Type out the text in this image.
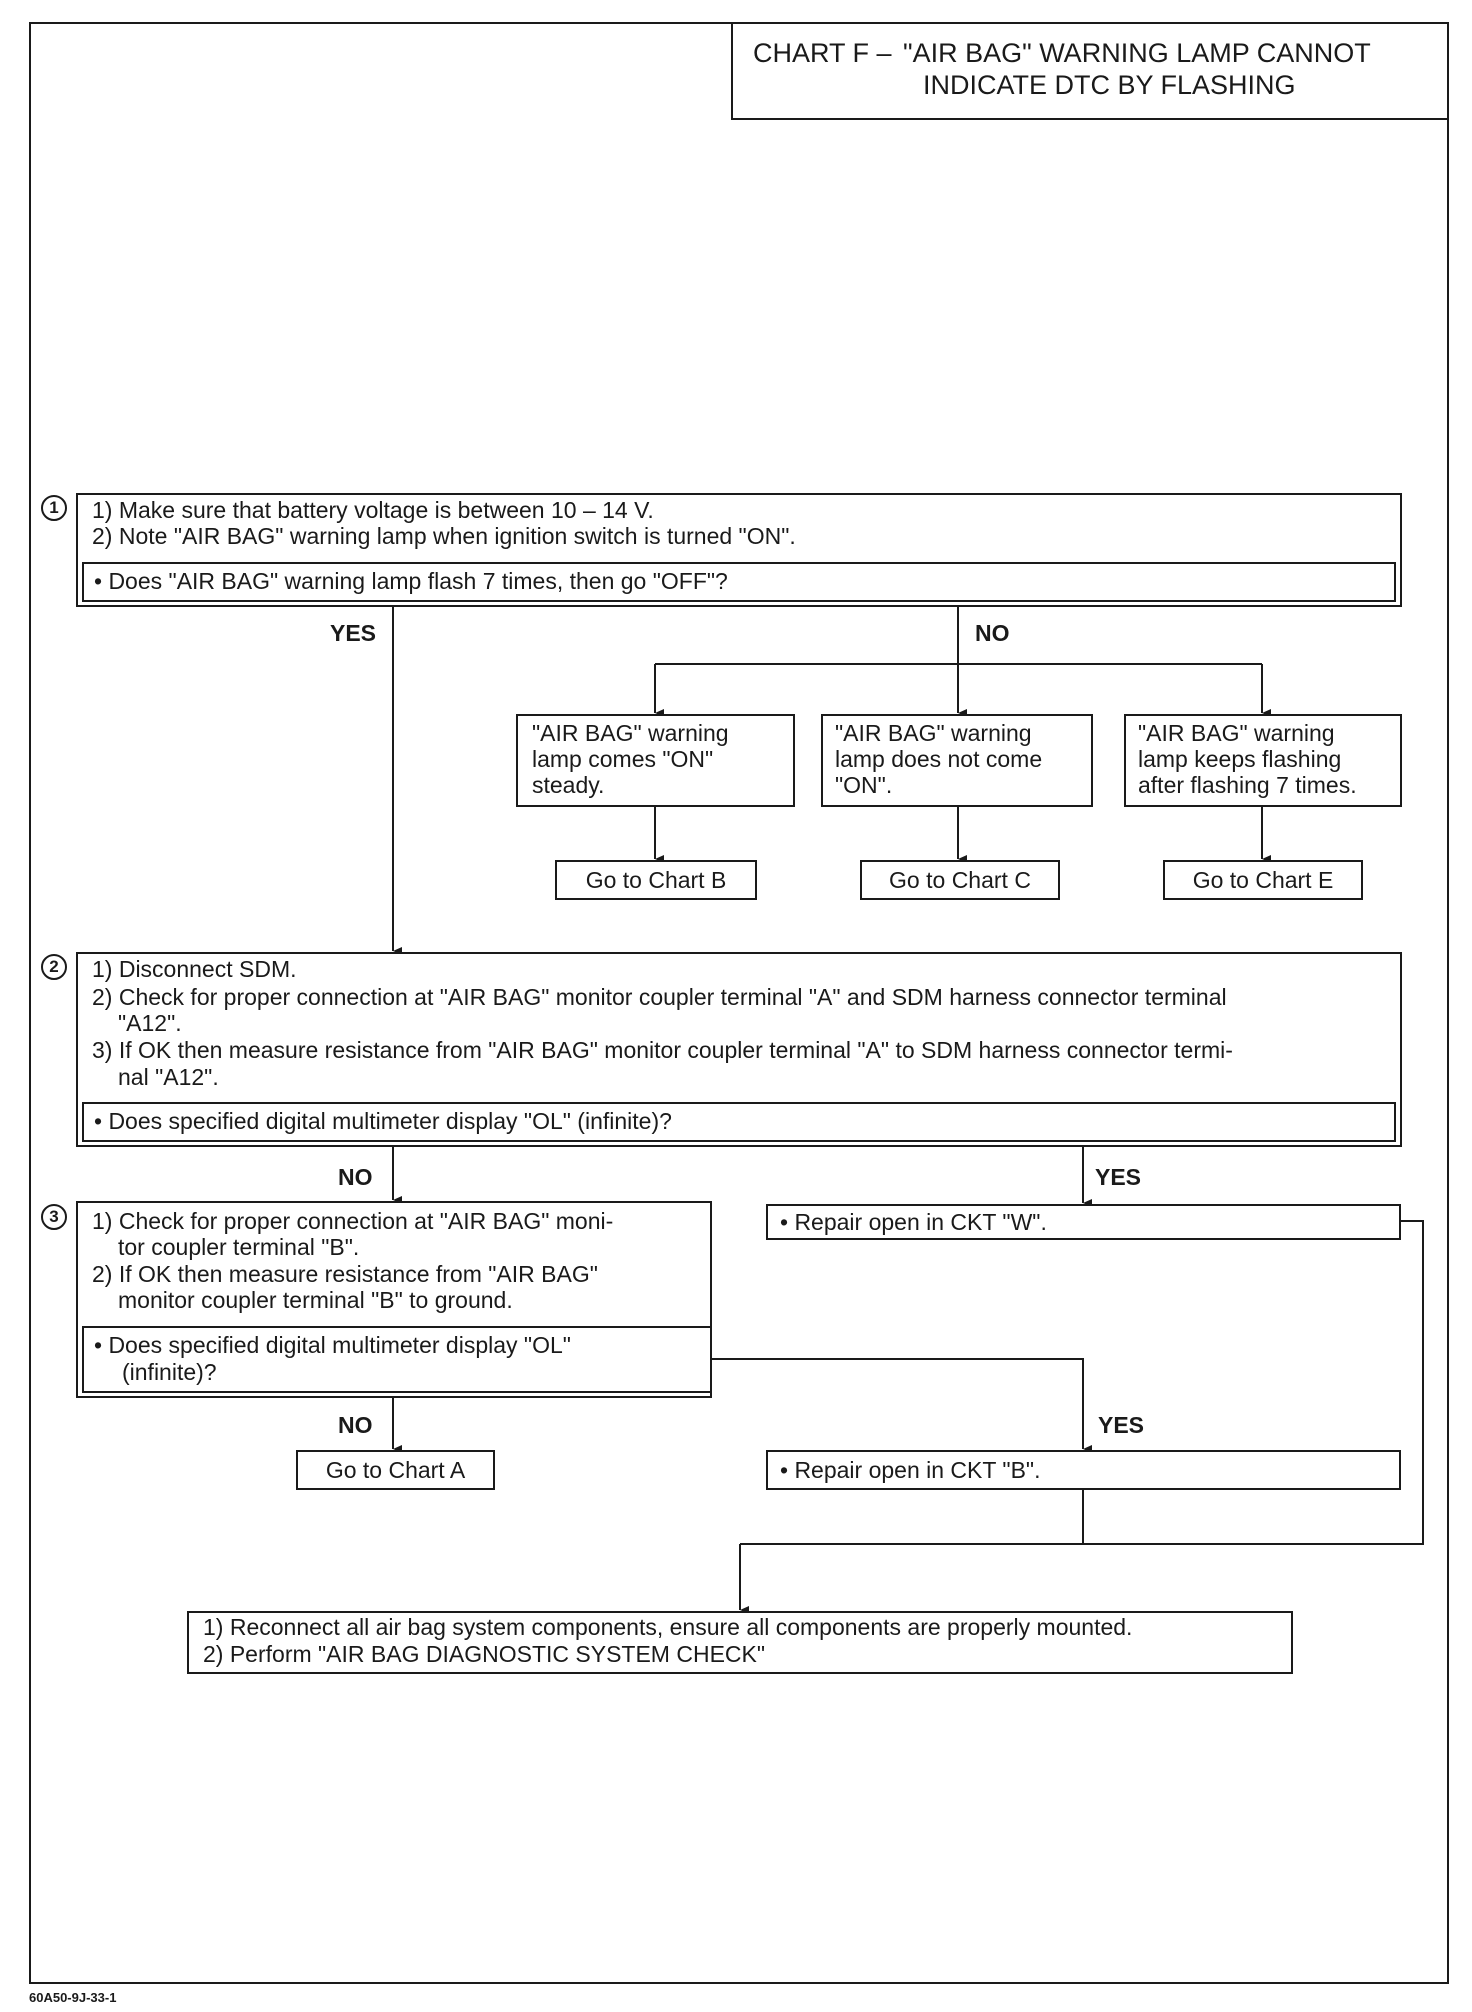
CHART F – "AIR BAG" WARNING LAMP CANNOT
INDICATE DTC BY FLASHING
1	1) Make sure that battery voltage is between 10 – 14 V.
2) Note "AIR BAG" warning lamp when ignition switch is turned "ON".
• Does "AIR BAG" warning lamp flash 7 times, then go "OFF"?
YES	NO
"AIR BAG" warning
lamp comes "ON"
steady.
"AIR BAG" warning
lamp does not come
"ON".
"AIR BAG" warning
lamp keeps flashing
after flashing 7 times.
Go to Chart B	Go to Chart C	Go to Chart E
2	1) Disconnect SDM.
2) Check for proper connection at "AIR BAG" monitor coupler terminal "A" and SDM harness connector terminal
"A12".
3) If OK then measure resistance from "AIR BAG" monitor coupler terminal "A" to SDM harness connector termi-
nal "A12".
• Does specified digital multimeter display "OL" (infinite)?
NO	YES
• Repair open in CKT "W".
3	1) Check for proper connection at "AIR BAG" moni-
tor coupler terminal "B".
2) If OK then measure resistance from "AIR BAG"
monitor coupler terminal "B" to ground.
• Does specified digital multimeter display "OL"
(infinite)?
NO	YES
Go to Chart A	• Repair open in CKT "B".
1) Reconnect all air bag system components, ensure all components are properly mounted.
2) Perform "AIR BAG DIAGNOSTIC SYSTEM CHECK"
60A50-9J-33-1
